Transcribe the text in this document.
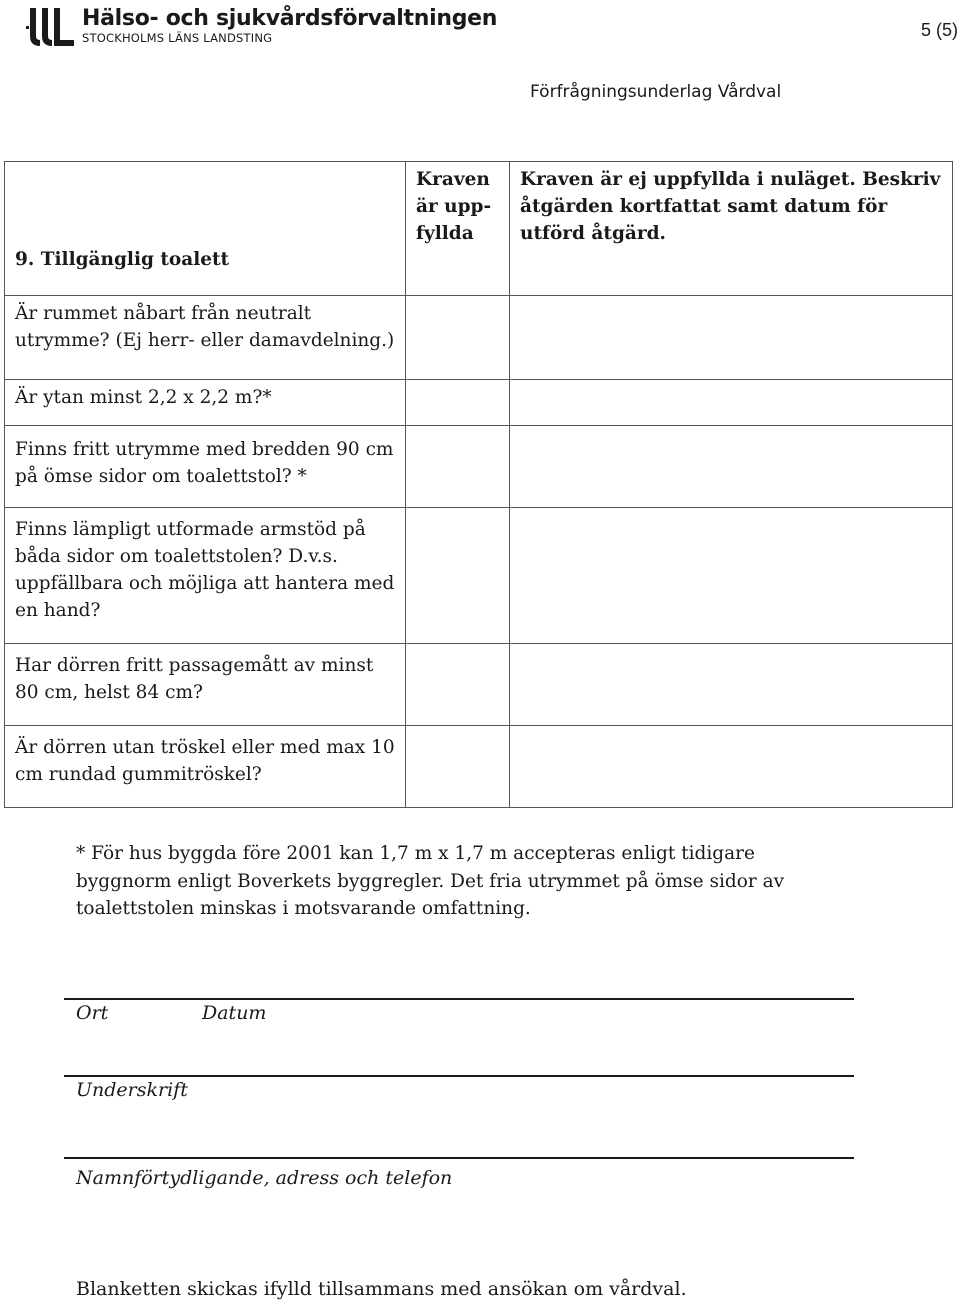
Hälso- och sjukvårdsförvaltningen
STOCKHOLMS LÄNS LANDSTING	5 (5)
Förfrågningsunderlag Vårdval
9. Tillgänglig toalett	Kraven är upp- fyllda	Kraven är ej uppfyllda i nuläget. Beskriv åtgärden kortfattat samt datum för utförd åtgärd.
Är rummet nåbart från neutralt utrymme? (Ej herr- eller damavdelning.)		
Är ytan minst 2,2 x 2,2 m?*		
Finns fritt utrymme med bredden 90 cm på ömse sidor om toalettstol? *		
Finns lämpligt utformade armstöd på båda sidor om toalettstolen? D.v.s. uppfällbara och möjliga att hantera med en hand?		
Har dörren fritt passagemått av minst 80 cm, helst 84 cm?		
Är dörren utan tröskel eller med max 10 cm rundad gummitröskel?		
* För hus byggda före 2001 kan 1,7 m x 1,7 m accepteras enligt tidigare byggnorm enligt Boverkets byggregler. Det fria utrymmet på ömse sidor av toalettstolen minskas i motsvarande omfattning.
Ort	Datum
Underskrift
Namnförtydligande, adress och telefon
Blanketten skickas ifylld tillsammans med ansökan om vårdval.
